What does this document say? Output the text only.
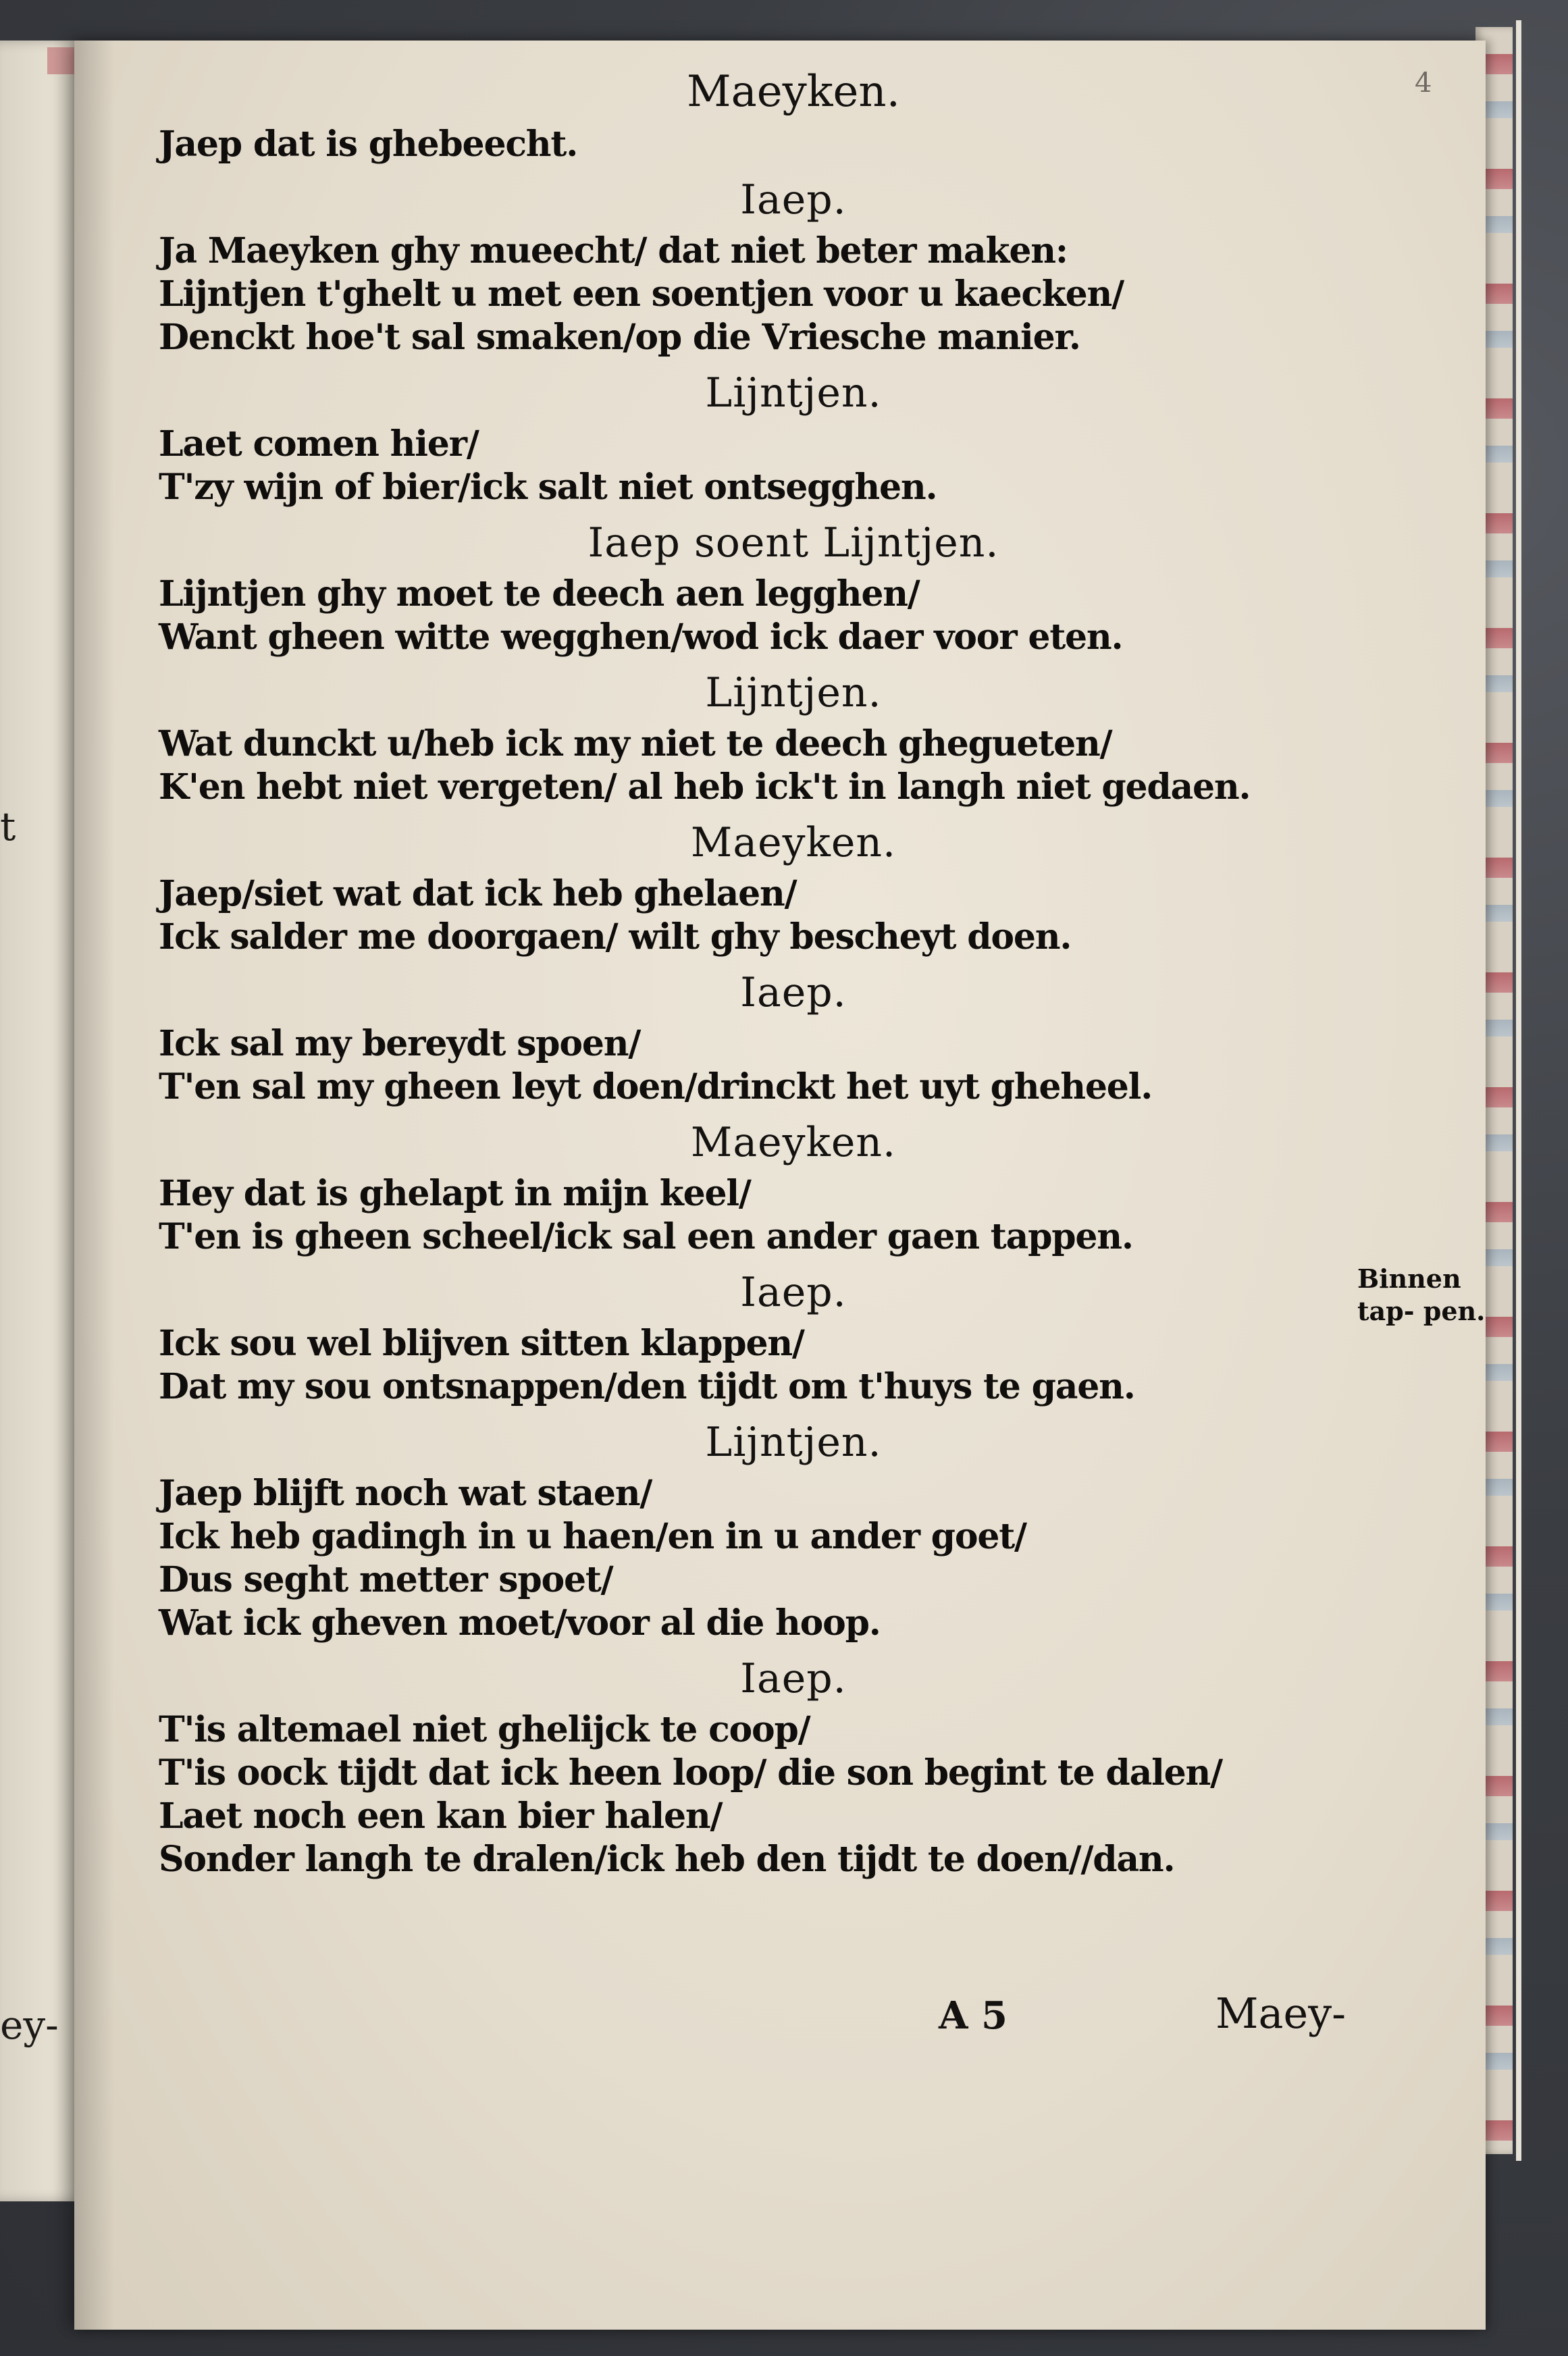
t
ey-
4
Maeyken.
Jaep dat is ghebeecht.
Iaep.
Ja Maeyken ghy mueecht/ dat niet beter maken:
Lijntjen t'ghelt u met een soentjen voor u kaecken/
Denckt hoe't sal smaken/op die Vriesche manier.
Lijntjen.
Laet comen hier/
T'zy wijn of bier/ick salt niet ontsegghen.
Iaep soent Lijntjen.
Lijntjen ghy moet te deech aen legghen/
Want gheen witte wegghen/wod ick daer voor eten.
Lijntjen.
Wat dunckt u/heb ick my niet te deech ghegueten/
K'en hebt niet vergeten/ al heb ick't in langh niet gedaen.
Maeyken.
Jaep/siet wat dat ick heb ghelaen/
Ick salder me doorgaen/ wilt ghy bescheyt doen.
Iaep.
Ick sal my bereydt spoen/
T'en sal my gheen leyt doen/drinckt het uyt gheheel.
Maeyken.
Hey dat is ghelapt in mijn keel/
T'en is gheen scheel/ick sal een ander gaen tappen.
Iaep.
Ick sou wel blijven sitten klappen/
Dat my sou ontsnappen/den tijdt om t'huys te gaen.
Lijntjen.
Jaep blijft noch wat staen/
Ick heb gadingh in u haen/en in u ander goet/
Dus seght metter spoet/
Wat ick gheven moet/voor al die hoop.
Iaep.
T'is altemael niet ghelijck te coop/
T'is oock tijdt dat ick heen loop/ die son begint te dalen/
Laet noch een kan bier halen/
Sonder langh te dralen/ick heb den tijdt te doen//dan.
Binnen tap- pen.
A 5	Maey-
